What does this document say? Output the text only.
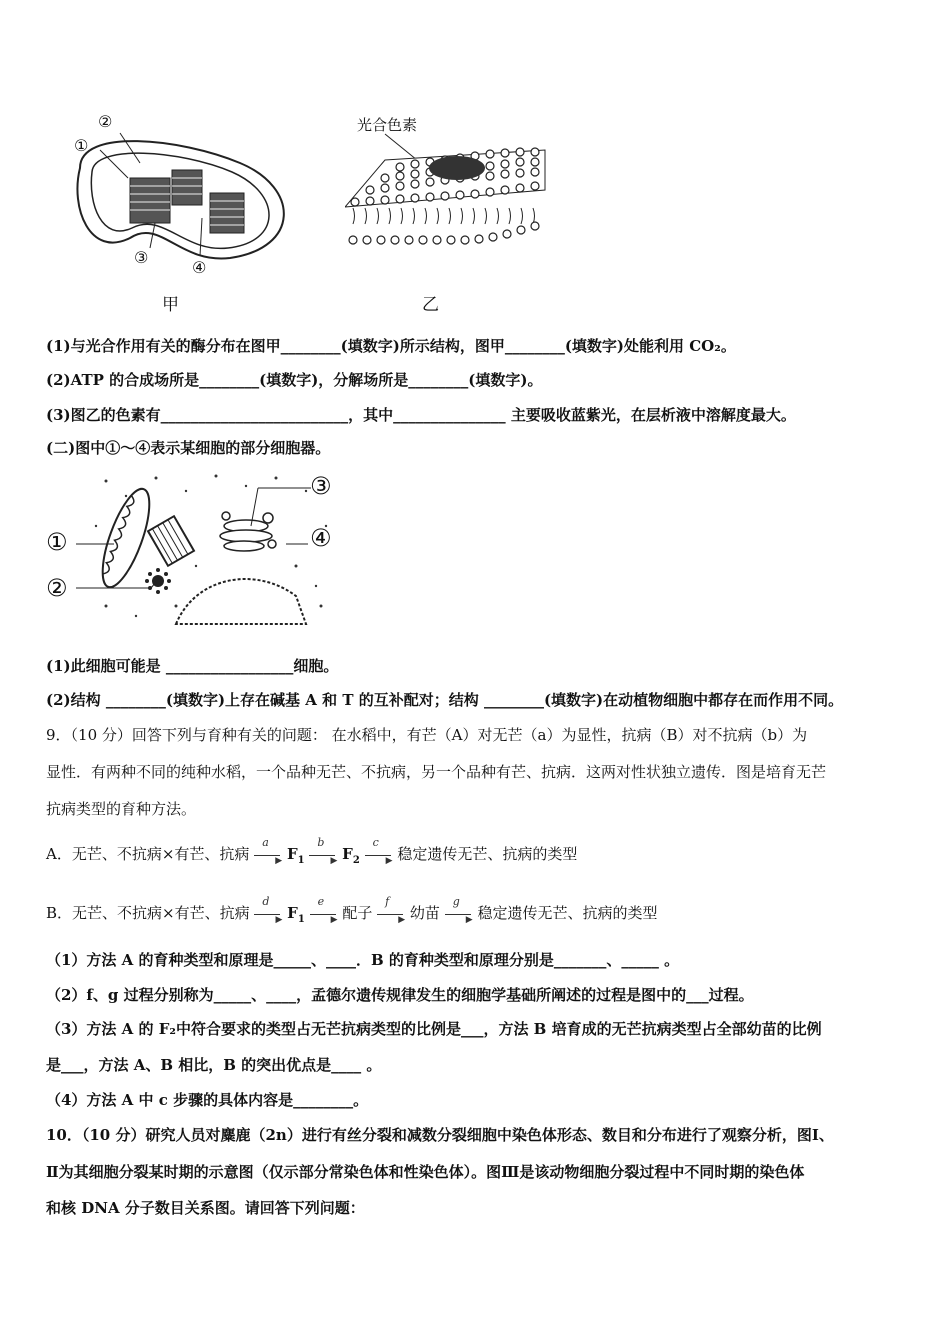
②
①
③
④
甲
光合色素
乙
(1)与光合作用有关的酶分布在图甲________(填数字)所示结构，图甲________(填数字)处能利用 CO₂。
(2)ATP 的合成场所是________(填数字)，分解场所是________(填数字)。
(3)图乙的色素有_________________________，其中_______________ 主要吸收蓝紫光，在层析液中溶解度最大。
(二)图中①～④表示某细胞的部分细胞器。
①
②
③
④
(1)此细胞可能是 _________________细胞。
(2)结构 ________(填数字)上存在碱基 A 和 T 的互补配对；结构 ________(填数字)在动植物细胞中都存在而作用不同。
9．（10 分）回答下列与育种有关的问题： 在水稻中，有芒（A）对无芒（a）为显性，抗病（B）对不抗病（b）为
显性．有两种不同的纯种水稻，一个品种无芒、不抗病，另一个品种有芒、抗病．这两对性状独立遗传．图是培育无芒
抗病类型的育种方法。
A．无芒、不抗病×有芒、抗病
a
▶ $F_1$
b
▶ $F_2$
c
▶ 稳定遗传无芒、抗病的类型
B．无芒、不抗病×有芒、抗病
d
▶ $F_1$
e
▶ 配子
f
▶ 幼苗
g
▶ 稳定遗传无芒、抗病的类型
（1）方法 A 的育种类型和原理是_____、____．B 的育种类型和原理分别是_______、_____ 。
（2）f、g 过程分别称为_____、____，孟德尔遗传规律发生的细胞学基础所阐述的过程是图中的___过程。
（3）方法 A 的 F₂中符合要求的类型占无芒抗病类型的比例是___，方法 B 培育成的无芒抗病类型占全部幼苗的比例
是___，方法 A、B 相比，B 的突出优点是____ 。
（4）方法 A 中 c 步骤的具体内容是________。
10．（10 分）研究人员对麋鹿（2n）进行有丝分裂和减数分裂细胞中染色体形态、数目和分布进行了观察分析，图Ⅰ、
Ⅱ为其细胞分裂某时期的示意图（仅示部分常染色体和性染色体）。图Ⅲ是该动物细胞分裂过程中不同时期的染色体
和核 DNA 分子数目关系图。请回答下列问题：
